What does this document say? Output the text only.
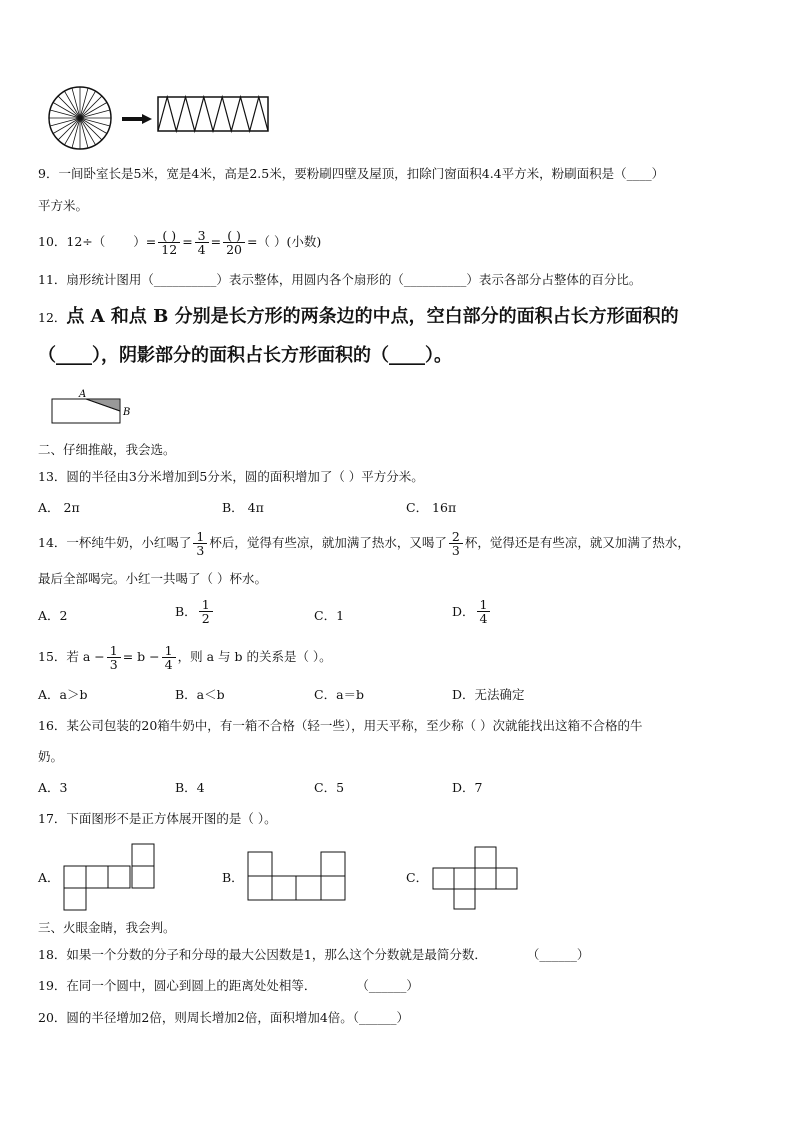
9．一间卧室长是5米，宽是4米，高是2.5米，要粉刷四壁及屋顶，扣除门窗面积4.4平方米，粉刷面积是（____）
平方米。
10． 12÷（ ）= $\frac{( )}{12} = \frac{3}{4} = \frac{( )}{20}$ =（ ）(小数)
11．扇形统计图用（__________）表示整体，用圆内各个扇形的（__________）表示各部分占整体的百分比。
12．点 A 和点 B 分别是长方形的两条边的中点，空白部分的面积占长方形面积的
（____），阴影部分的面积占长方形面积的（____）。
A
B
二、仔细推敲，我会选。
13．圆的半径由3分米增加到5分米，圆的面积增加了（ ）平方分米。
A． 2π	B． 4π	C． 16π
14． 一杯纯牛奶，小红喝了 $\frac{1}{3}$ 杯后，觉得有些凉，就加满了热水，又喝了 $\frac{2}{3}$ 杯，觉得还是有些凉，就又加满了热水，
最后全部喝完。小红一共喝了（ ）杯水。
A．2	B． $\frac{1}{2}$	C．1	D． $\frac{1}{4}$
15． 若 $a - \frac{1}{3} = b - \frac{1}{4}$ ，则 a 与 b 的关系是（ ）。
A．a＞b	B．a＜b	C．a＝b	D．无法确定
16．某公司包装的20箱牛奶中，有一箱不合格（轻一些），用天平称，至少称（ ）次就能找出这箱不合格的牛
奶。
A．3	B．4	C．5	D．7
17．下面图形不是正方体展开图的是（ ）。
A．	B．	C．
三、火眼金睛，我会判。
18．如果一个分数的分子和分母的最大公因数是1，那么这个分数就是最简分数．	（______）
19．在同一个圆中，圆心到圆上的距离处处相等．	（______）
20．圆的半径增加2倍，则周长增加2倍，面积增加4倍。（______）
